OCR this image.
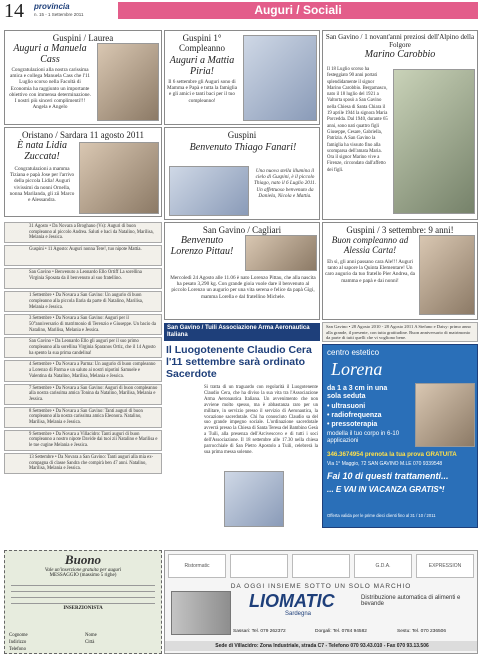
14 provincia
n. 15 - 1 Settembre 2011	Auguri / Sociali
Guspini / Laurea
Auguri a Manuela Cass
Congratulazioni alla nostra carissima amica e collega Manuela Cass che l'11 Luglio scorso nella Facoltà di Economia ha raggiunto un importante obiettivo con immensa determinazione. I nostri più sinceri complimenti!!! Angela e Angelo
Guspini 1° Compleanno
Auguri a Mattia Piria!
Il 6 settembre gli Auguri sono di Mamma e Papà e tutta la famiglia e gli amici e tanti baci per il tuo compleanno!
San Gavino / 1 novant'anni preziosi dell'Alpino della Folgore
Marino Carobbio
Il 18 Luglio scorso ha festeggiato 90 anni portati splendidamente il signor Marino Carobbio. Bergamasco, nato il 18 luglio del 1921 a Valtorta sposò a San Gavino nella Chiesa di Santa Chiara il 19 aprile 1944 la signora Maria Porcedda. Dal 1940, durante 65 anni, sono nati quattro figli Giuseppe, Cesare, Gabriella, Patrizia. A San Gavino la famiglia ha vissuto fino alla scomparsa dell'amata Maria. Ora il signor Marino vive a Firenze, circondato dall'affetto dei figli.
Oristano / Sardara 11 agosto 2011
È nata Lidia Zuccata!
Congratulazioni a mamma Tiziana e papà Jose per l'arrivo della piccola Lidia! Auguri vivissimi da nonni Ornella, nonna Marilanda, gli zii Marco e Alessandra.
Guspini
Benvenuto Thiago Fanari!
Una nuova stella illumina il cielo di Guspini, è il piccolo Thiago, nato il 6 Luglio 2011. Un affettuoso benvenuto da Daniela, Nicola e Mattia.
31 Agosto • Da Novara a Broghano (Vs): Auguri di buon compleanno al piccolo Andrea. Saluti e baci da Natalino, Marilisa, Melania e Jessica.
Guspini • 11 Agosto: Auguri nonna Tere!, tuo nipote Mattia.
San Gavino • Benvenuto a Leonardo Ello Ortiff La sorellina Virginia Sposata da il benvenuto al suo fratellino.
1 Settembre • Da Novara a San Gavino: Un augurio di buon compleanno alla piccola Ilaria da parte di Natalino, Marilisa, Melania e Jessica.
3 Settembre • Da Novara a San Gavino: Auguri per il 50°anniversario di matrimonio di Terenzio e Giuseppe. Un bacio da Natalino, Marilisa, Melania e Jessica.
San Gavino • Da Leonardo Ello gli auguri per il suo primo compleanno alla sorellina Virginia Sparanos Ortiz, che il 14 Agosto ha spento la sua prima candelina!
4 Settembre • Da Novara a Parma: Un augurio di buon compleanno a Lorenzo di Parma e un saluto ai nostri nipotini Samuele e Valentina da Natalino, Marilisa, Melania e Jessica.
7 Settembre • Da Novara a San Gavino: Auguri di buon compleanno alla nostra carissima amica Tonina da Natalino, Marilisa, Melania e Jessica.
8 Settembre • Da Novara a San Gavino: Tanti auguri di buon compleanno alla nostra carissima amica Eleonora. Natalino, Marilisa, Melania e Jessica.
9 Settembre • Da Novara a Villacidro: Tanti auguri di buon compleanno a nostro nipote Davide dai tuoi zii Natalino e Marilisa e le tue cugine Melania e Jessica.
13 Settembre • Da Novara a San Gavino: Tanti auguri alla mia ex-compagna di classe Sandra che compirà ben 47 anni. Natalino, Marilisa, Melania e Jessica.
San Gavino / Cagliari
Benvenuto Lorenzo Pittau!
Mercoledì 24 Agosto alle 11.06 è nato Lorenzo Pittau, che alla nascita ha pesato 3,290 kg. Con grande gioia vuole dare il benvenuto al piccolo Lorenzo un augurio per una vita serena e felice da papà Gigi, mamma Lorella e dal fratellino Michele.
Guspini / 3 settembre: 9 anni!
Buon compleanno ad Alessia Carta!
Eh sì, gli anni passano cara Ale!!! Auguri tanto al sapore la Quinta Elementare! Un caro augurio da tuo fratello Pier Andrea, da mamma e papà e dai nonni!
San Gavino • 28 Agosto 2010 - 28 Agosto 2011 A Stefano e Daisy: primo anno alla grande, il presente, con tutta gratitudine. Buon anniversario di matrimonio da parte di tutti quelli che vi vogliono bene.
San Gavino / Tuili Associazione Arma Aeronautica Italiana
Il Luogotenente Claudio Cera l'11 settembre sarà ordinato Sacerdote
Si tratta di un traguardo con regolarità il Luogotenente Claudio Cera, che ha diviso la sua vita tra l'Associazione Arma Aeronautica Italiana. Un avvenimento che non avviene molto spesso, ma è abbastanza raro per un militare, in servizio presso il servizio di Aeronautica, la vocazione sacerdotale. Chi ha conosciuto Claudio sa del suo grande impegno sociale. L'ordinazione sacerdotale avverrà presso la Chiesa di Santa Teresa del Bambino Gesù a Tuili, alla presenza dell'Arcivescovo e di tutti i soci dell'Associazione. Il 18 settembre alle 17.30 nella chiesa parrocchiale di San Pietro Apostolo a Tuili, celebrerà la sua prima messa solenne.
centro estetico
Lorena
da 1 a 3 cm in una sola seduta
• ultrasuoni
• radiofrequenza
• pressoterapia
modella il tuo corpo in 6-10 applicazioni
346.3674954 prenota la tua prova GRATUITA
Via 1° Maggio, 72 SAN GAVINO M.LE 070 9339548
Fai 10 di questi trattamenti...
... E VAI IN VACANZA GRATIS*!
Offerta valida per le prime dieci clienti fino al 31 / 10 / 2011
Buono
Vale un'inserzione gratuita per auguri
MESSAGGIO (massimo 5 righe)
INSERZIONISTA
Nome
Città
Cognome
Indirizzo
Telefono
Ristormatic	G.D.A.	EXPRESSION
DA OGGI INSIEME SOTTO UN SOLO MARCHIO
LIOMATIC
Sardegna
Distribuzione automatica di alimenti e bevande
Sassari: Tel. 079 262372	Dorgali: Tel. 0784 94582	Sestu: Tel. 070 236506
Sede di Villacidro: Zona Industriale, strada C7 - Telefono 070 93.43.010 - Fax 070 93.13.506
